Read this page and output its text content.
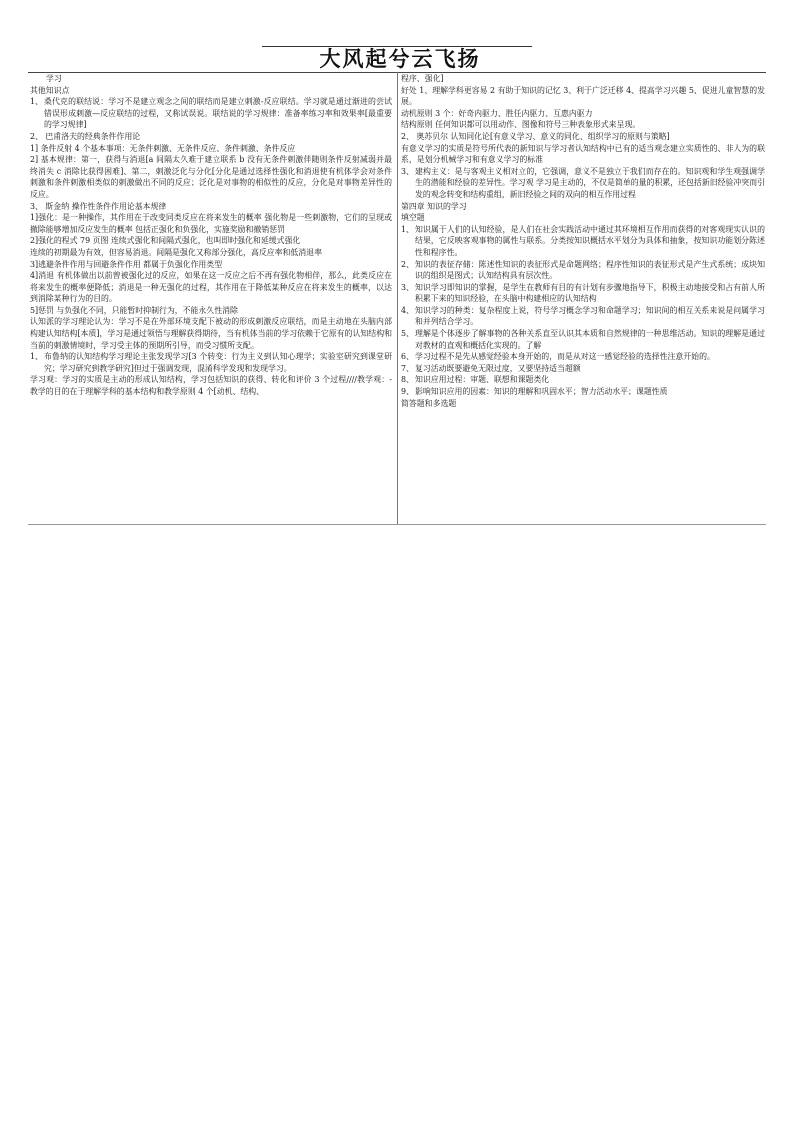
大风起兮云飞扬
学习
其他知识点
1、 桑代克的联结说：学习不是建立观念之间的联结而是建立刺激-反应联结。学习就是通过渐进的尝试错误形成刺激—反应联结的过程，又称试误说。联结说的学习规律：准备率练习率和效果率[最重要的学习规律]
2、 巴甫洛夫的经典条件作用论
1] 条件反射 4 个基本事项：无条件刺激、无条件反应、条件刺激、条件反应
2] 基本规律：第一，获得与消退[a 间隔太久难于建立联系 b 没有无条件刺激伴随则条件反射减弱并最终消失 c 消除比获得困难]、第二，刺激泛化与分化[分化是通过选择性强化和消退使有机体学会对条件刺激和条件刺激相类似的刺激做出不同的反应；泛化是对事物的相似性的反应，分化是对事物差异性的反应。
3、 斯金纳 操作性条件作用论基本规律
1]强化：是一种操作，其作用在于改变同类反应在将来发生的概率 强化物是一些刺激物，它们的呈现或撤除能够增加反应发生的概率 包括正强化和负强化，实施奖励和撤销惩罚
2]强化的程式 79 页图 连续式强化和间隔式强化，也叫即时强化和延缓式强化
连续的初期最为有效，但容易消退。间隔是强化又称部分强化，高反应率和低消退率
3]逃避条件作用与回避条件作用 都属于负强化作用类型
4]消退 有机体做出以前曾被强化过的反应，如果在这一反应之后不再有强化物相伴，那么，此类反应在将来发生的概率便降低；消退是一种无强化的过程，其作用在于降低某种反应在将来发生的概率，以达到消除某种行为的目的。
5]惩罚 与负强化不同，只能暂时抑制行为，不能永久性消除
认知派的学习理论认为：学习不是在外部环境支配下被动的形成刺激反应联结，而是主动地在头脑内部构建认知结构[本质]，学习是通过领悟与理解获得期待，当有机体当前的学习依赖于它原有的认知结构和当前的刺激情境时，学习受主体的预期所引导，而受习惯所支配。
1、 布鲁纳的认知结构学习理论主张发现学习[3 个转变：行为主义到认知心理学；实验室研究到课堂研究；学习研究到教学研究]但过于强调发现，混淆科学发现和发现学习。
学习观：学习的实质是主动的形成认知结构，学习包括知识的获得、转化和评价 3 个过程////教学观：-教学的目的在于理解学科的基本结构和教学原则 4 个[动机、结构、
程序、强化]
好处 1、理解学科更容易 2 有助于知识的记忆 3、利于广泛迁移 4、提高学习兴趣 5、促进儿童智慧的发展。
动机原则 3 个：好奇内驱力、胜任内驱力、互惠内驱力
结构原则 任何知识都可以用动作、图像和符号三种表象形式来呈现。
2、 奥苏贝尔 认知同化论[有意义学习、意义的同化、组织学习的原则与策略]
有意义学习的实质是符号所代表的新知识与学习者认知结构中已有的适当观念建立实质性的、非人为的联系，是划分机械学习和有意义学习的标准
3、 建构主义：是与客观主义相对立的，它强调，意义不是独立于我们而存在的。知识观和学生观强调学生的潜能和经验的差异性。学习观 学习是主动的，不仅是简单的量的积累，还包括新旧经验冲突而引发的观念转变和结构重组，新旧经验之间的双向的相互作用过程
第四章 知识的学习
填空题
1、 知识属于人们的认知经验，是人们在社会实践活动中通过其环境相互作用而获得的对客观现实认识的结果，它反映客观事物的属性与联系。分类按知识概括水平划分为具体和抽象，按知识功能划分陈述性和程序性。
2、 知识的表征存储：陈述性知识的表征形式是命题网络；程序性知识的表征形式是产生式系统；成块知识的组织是图式；认知结构具有层次性。
3、 知识学习即知识的掌握，是学生在教师有目的有计划有步骤地指导下，积极主动地接受和占有前人所积累下来的知识经验，在头脑中构建相应的认知结构
4、 知识学习的种类：复杂程度上说，符号学习概念学习和命题学习；知识间的相互关系来说是问属学习和并列结合学习。
5、 理解是个体逐步了解事物的各种关系直至认识其本质和自然规律的一种思维活动。知识的理解是通过对教材的直观和概括化实现的。了解
6、 学习过程不是先从感觉经验本身开始的，而是从对这一感觉经验的选择性注意开始的。
7、 复习活动既要避免无限过度，又要坚持适当超额
8、 知识应用过程：审题、联想和课题类化
9、 影响知识应用的因素：知识的理解和巩固水平；智力活动水平；课题性质
简答题和多选题
